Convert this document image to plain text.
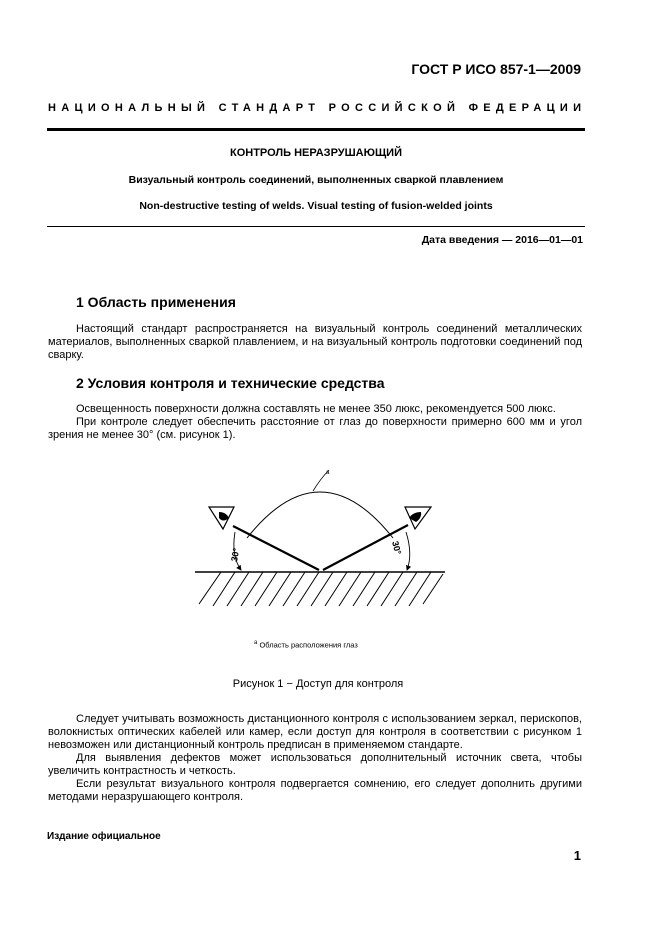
ГОСТ Р ИСО 857-1—2009
НАЦИОНАЛЬНЫЙ СТАНДАРТ РОССИЙСКОЙ ФЕДЕРАЦИИ
КОНТРОЛЬ НЕРАЗРУШАЮЩИЙ
Визуальный контроль соединений, выполненных сваркой плавлением
Non-destructive testing of welds. Visual testing of fusion-welded joints
Дата введения — 2016—01—01
1 Область применения

Настоящий стандарт распространяется на визуальный контроль соединений металлических материалов, выполненных сваркой плавлением, и на визуальный контроль подготовки соединений под сварку.

2 Условия контроля и технические средства

Освещенность поверхности должна составлять не менее 350 люкс, рекомендуется 500 люкс.

При контроле следует обеспечить расстояние от глаз до поверхности примерно 600 мм и угол зрения не менее 30° (см. рисунок 1).

a
30°	30°
$^a$ Область расположения глаз
Рисунок 1 − Доступ для контроля

Следует учитывать возможность дистанционного контроля с использованием зеркал, перископов, волокнистых оптических кабелей или камер, если доступ для контроля в соответствии с рисунком 1 невозможен или дистанционный контроль предписан в применяемом стандарте.

Для выявления дефектов может использоваться дополнительный источник света, чтобы увеличить контрастность и четкость.

Если результат визуального контроля подвергается сомнению, его следует дополнить другими методами неразрушающего контроля.

Издание официальное
1
